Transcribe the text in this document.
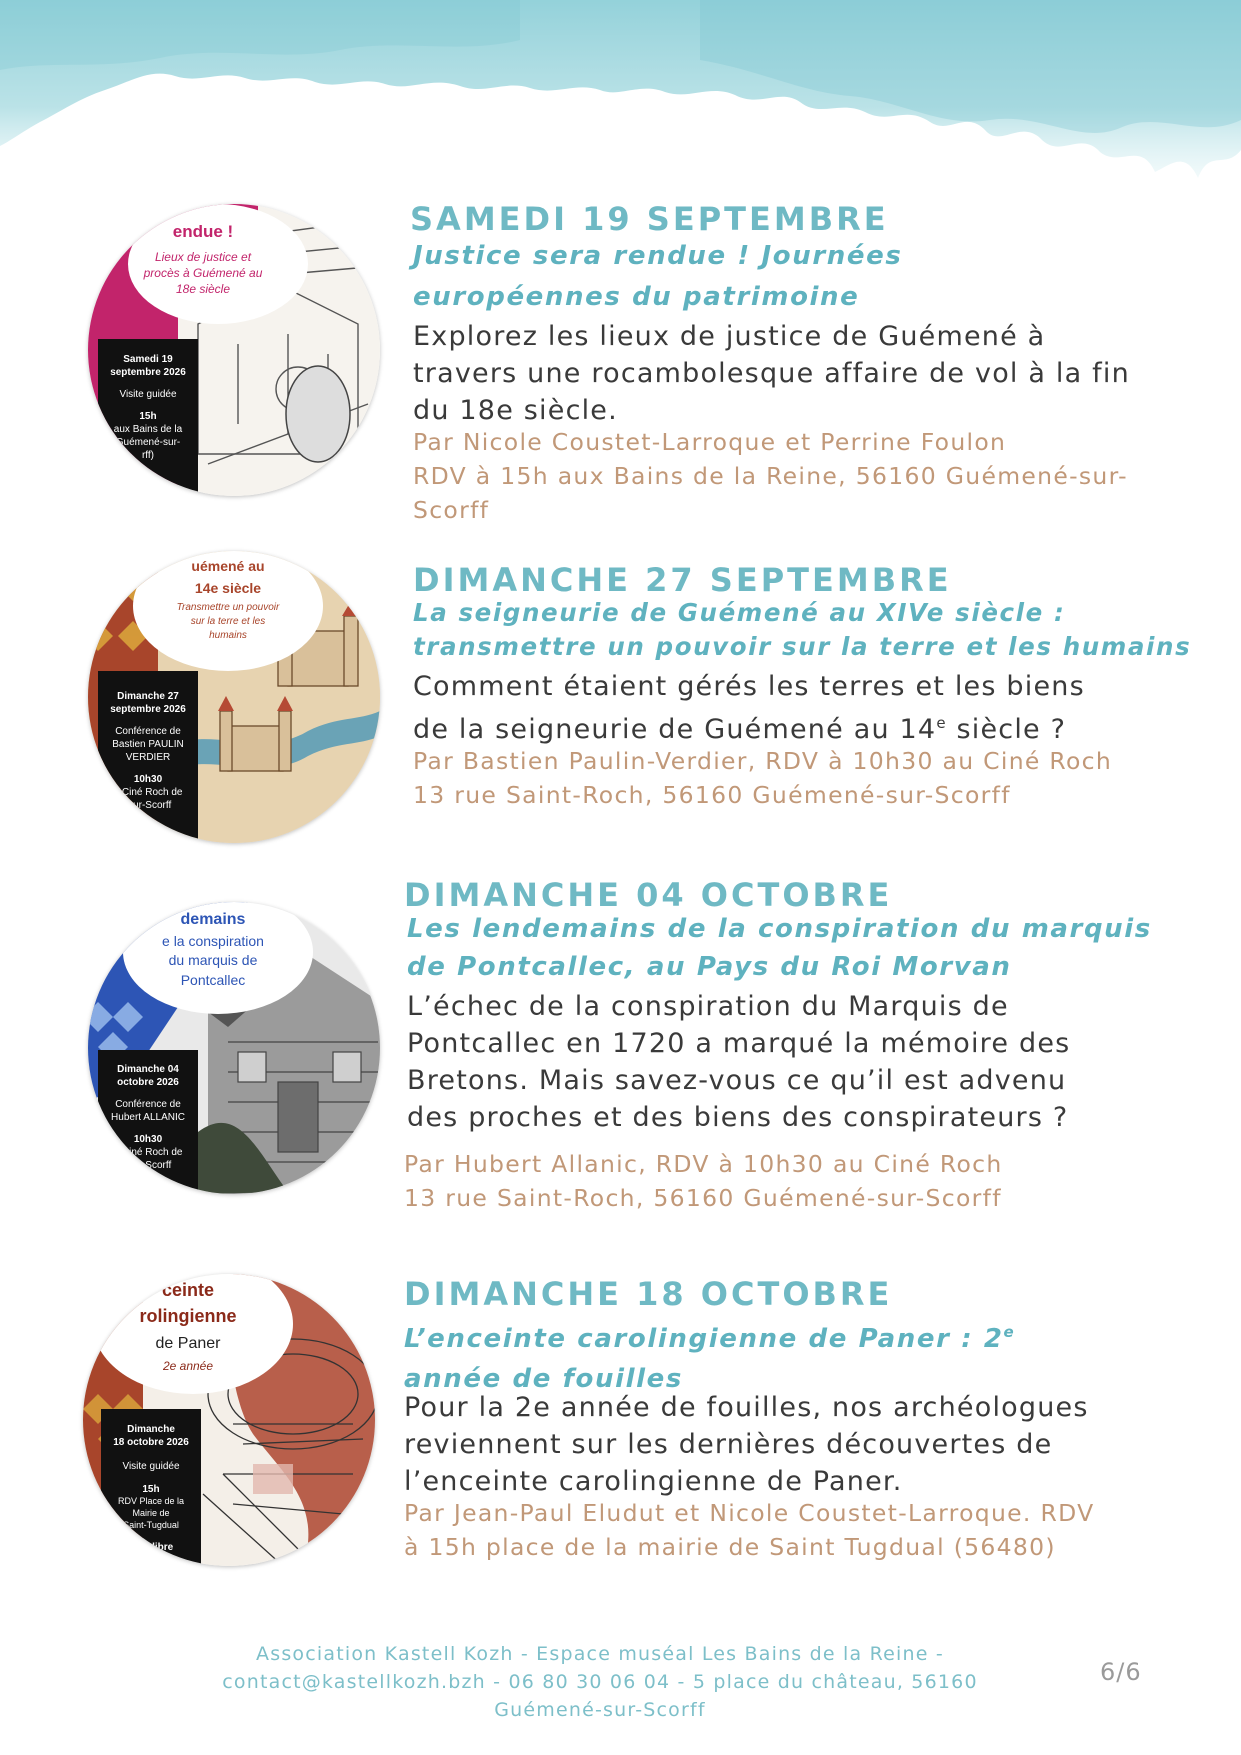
endue !
Lieux de justice et
procès à Guémené au
18e siècle
Samedi 19
septembre 2026
Visite guidée
15h
aux Bains de la
Guémené-sur-
rff)
SAMEDI 19 SEPTEMBRE
Justice sera rendue ! Journées
européennes du patrimoine
Explorez les lieux de justice de Guémené à
travers une rocambolesque affaire de vol à la fin
du 18e siècle.
Par Nicole Coustet-Larroque et Perrine Foulon
RDV à 15h aux Bains de la Reine, 56160 Guémené-sur-
Scorff
uémené au
14e siècle
Transmettre un pouvoir
sur la terre et les
humains
Dimanche 27
septembre 2026
Conférence de
Bastien PAULIN
VERDIER
10h30
u Ciné Roch de
-sur-Scorff
DIMANCHE 27 SEPTEMBRE
La seigneurie de Guémené au XIVe siècle :
transmettre un pouvoir sur la terre et les humains
Comment étaient gérés les terres et les biens
de la seigneurie de Guémené au 14e siècle ?
Par Bastien Paulin-Verdier, RDV à 10h30 au Ciné Roch
13 rue Saint-Roch, 56160 Guémené-sur-Scorff
demains
e la conspiration
du marquis de
Pontcallec
Dimanche 04
octobre 2026
Conférence de
Hubert ALLANIC
10h30
u Ciné Roch de
-sur-Scorff
DIMANCHE 04 OCTOBRE
Les lendemains de la conspiration du marquis
de Pontcallec, au Pays du Roi Morvan
L’échec de la conspiration du Marquis de
Pontcallec en 1720 a marqué la mémoire des
Bretons. Mais savez-vous ce qu’il est advenu
des proches et des biens des conspirateurs ?
Par Hubert Allanic, RDV à 10h30 au Ciné Roch
13 rue Saint-Roch, 56160 Guémené-sur-Scorff
ceinte
rolingienne
de Paner
2e année
Dimanche
18 octobre 2026
Visite guidée
15h
RDV Place de la
Mairie de
Saint-Tugdual
sion libre
DIMANCHE 18 OCTOBRE
L’enceinte carolingienne de Paner : 2e
année de fouilles
Pour la 2e année de fouilles, nos archéologues
reviennent sur les dernières découvertes de
l’enceinte carolingienne de Paner.
Par Jean-Paul Eludut et Nicole Coustet-Larroque. RDV
à 15h place de la mairie de Saint Tugdual (56480)
Association Kastell Kozh - Espace muséal Les Bains de la Reine -
contact@kastellkozh.bzh - 06 80 30 06 04 - 5 place du château, 56160
Guémené-sur-Scorff
6/6
